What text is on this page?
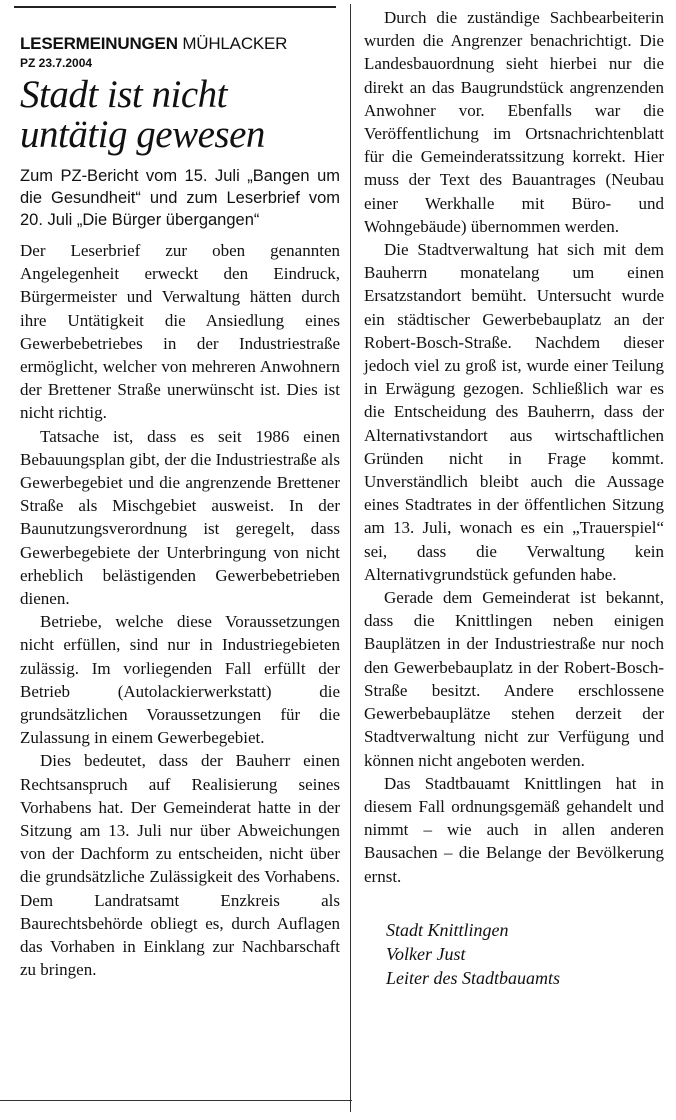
LESERMEINUNGEN MÜHLACKER
PZ 23.7.2004
Stadt ist nicht
untätig gewesen
Zum PZ-Bericht vom 15. Juli „Bangen um die Gesundheit“ und zum Leserbrief vom 20. Juli „Die Bürger übergangen“

Der Leserbrief zur oben genannten Angelegenheit erweckt den Eindruck, Bürgermeister und Verwaltung hätten durch ihre Untätigkeit die Ansiedlung eines Gewerbebetriebes in der Industriestraße ermöglicht, welcher von mehreren Anwohnern der Brettener Straße unerwünscht ist. Dies ist nicht richtig.

Tatsache ist, dass es seit 1986 einen Bebauungsplan gibt, der die Industriestraße als Gewerbegebiet und die angrenzende Brettener Straße als Mischgebiet ausweist. In der Baunutzungsverordnung ist geregelt, dass Gewerbegebiete der Unterbringung von nicht erheblich belästigenden Gewerbebetrieben dienen.

Betriebe, welche diese Voraussetzungen nicht erfüllen, sind nur in Industriegebieten zulässig. Im vorliegenden Fall erfüllt der Betrieb (Autolackierwerkstatt) die grundsätzlichen Voraussetzungen für die Zulassung in einem Gewerbegebiet.

Dies bedeutet, dass der Bauherr einen Rechtsanspruch auf Realisierung seines Vorhabens hat. Der Gemeinderat hatte in der Sitzung am 13. Juli nur über Abweichungen von der Dachform zu entscheiden, nicht über die grundsätzliche Zulässigkeit des Vorhabens. Dem Landratsamt Enzkreis als Baurechtsbehörde obliegt es, durch Auflagen das Vorhaben in Einklang zur Nachbarschaft zu bringen.

Durch die zuständige Sachbearbeiterin wurden die Angrenzer benachrichtigt. Die Landesbauordnung sieht hierbei nur die direkt an das Baugrundstück angrenzenden Anwohner vor. Ebenfalls war die Veröffentlichung im Ortsnachrichtenblatt für die Gemeinderatssitzung korrekt. Hier muss der Text des Bauantrages (Neubau einer Werkhalle mit Büro- und Wohngebäude) übernommen werden.

Die Stadtverwaltung hat sich mit dem Bauherrn monatelang um einen Ersatzstandort bemüht. Untersucht wurde ein städtischer Gewerbebauplatz an der Robert-Bosch-Straße. Nachdem dieser jedoch viel zu groß ist, wurde einer Teilung in Erwägung gezogen. Schließlich war es die Entscheidung des Bauherrn, dass der Alternativstandort aus wirtschaftlichen Gründen nicht in Frage kommt. Unverständlich bleibt auch die Aussage eines Stadtrates in der öffentlichen Sitzung am 13. Juli, wonach es ein „Trauerspiel“ sei, dass die Verwaltung kein Alternativgrundstück gefunden habe.

Gerade dem Gemeinderat ist bekannt, dass die Knittlingen neben einigen Bauplätzen in der Industriestraße nur noch den Gewerbebauplatz in der Robert-Bosch-Straße besitzt. Andere erschlossene Gewerbebauplätze stehen derzeit der Stadtverwaltung nicht zur Verfügung und können nicht angeboten werden.

Das Stadtbauamt Knittlingen hat in diesem Fall ordnungsgemäß gehandelt und nimmt – wie auch in allen anderen Bausachen – die Belange der Bevölkerung ernst.

Stadt Knittlingen
Volker Just
Leiter des Stadtbauamts
